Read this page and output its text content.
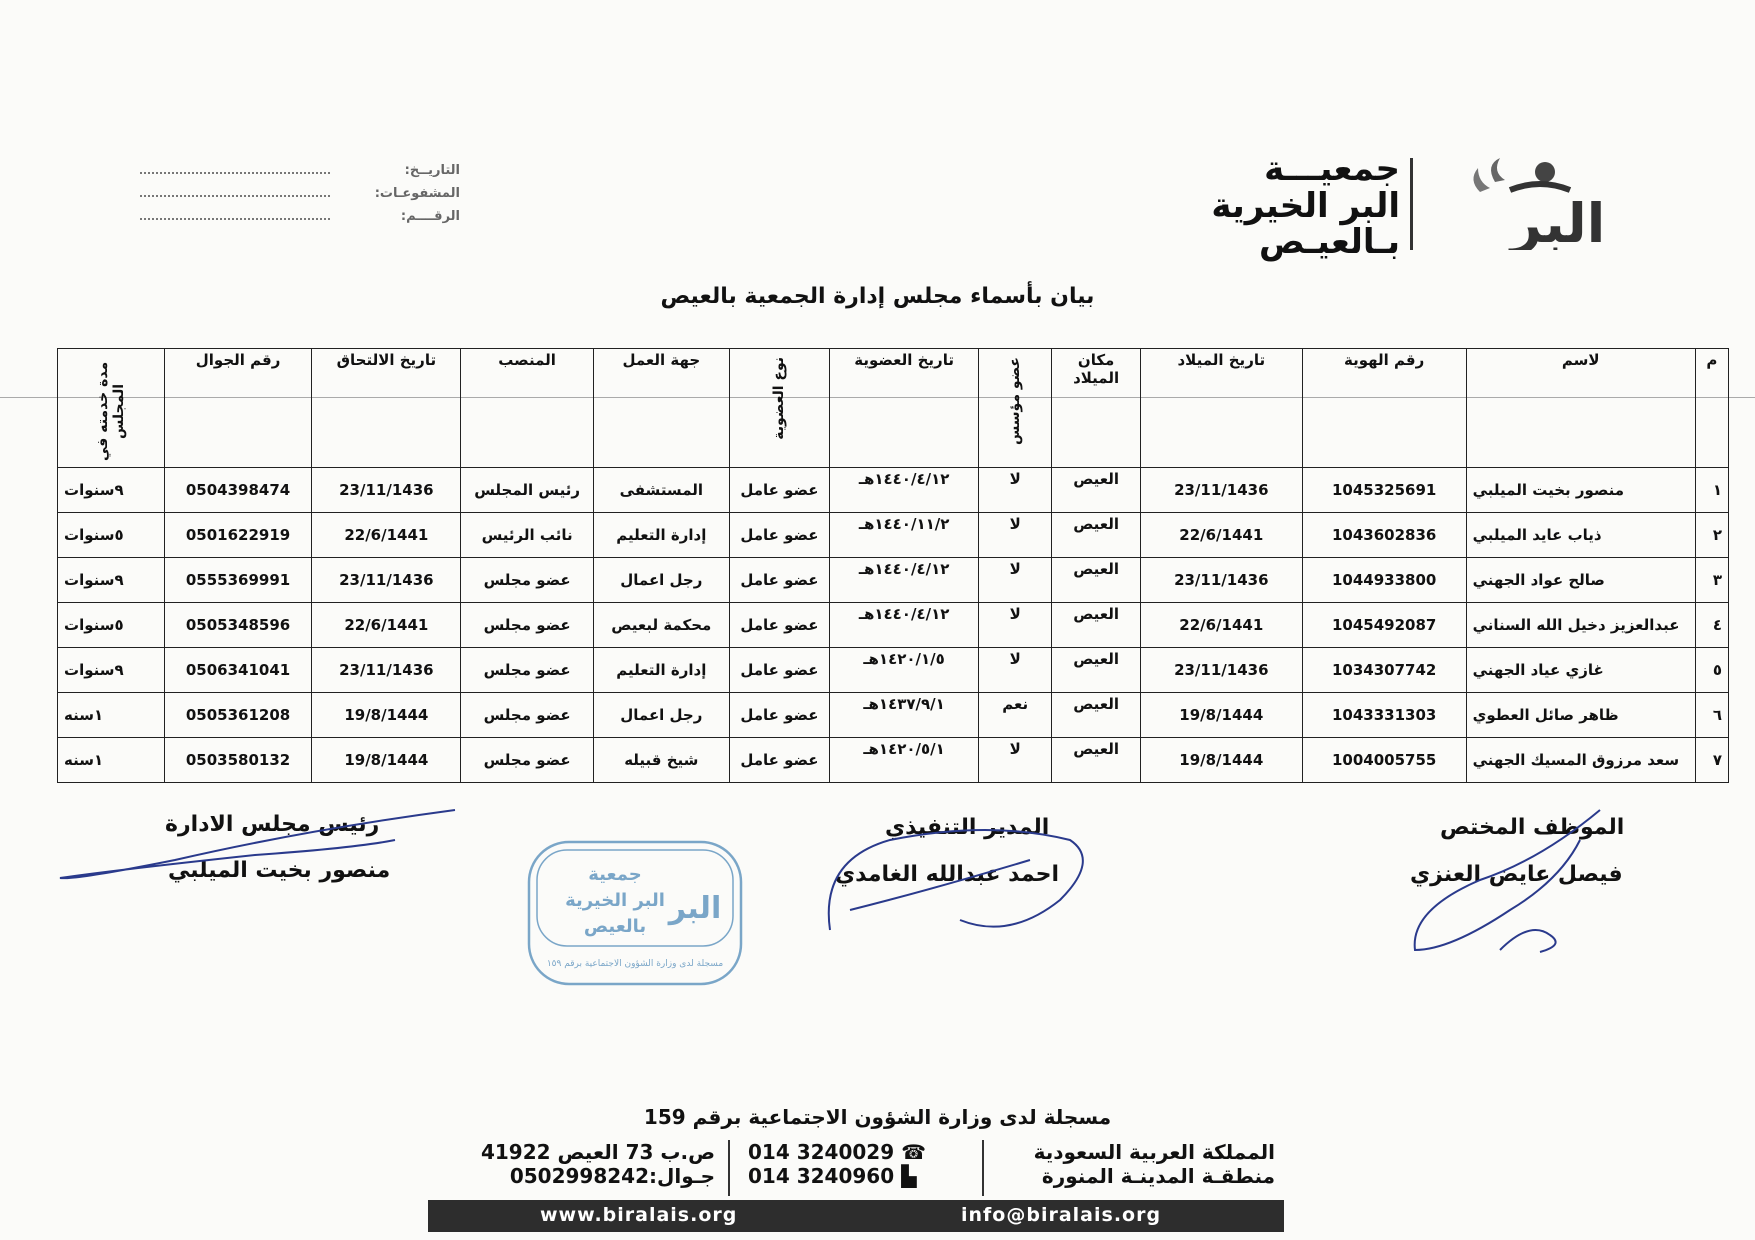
البر
جمعيـــة
البر الخيرية
بـالعيـص
التاريــخ:
المشفوعـات:
الرقــــم:
بيان بأسماء مجلس إدارة الجمعية بالعيص
م	لاسم	رقم الهوية	تاريخ الميلاد	مكان الميلاد	عضو مؤسس	تاريخ العضوية	نوع العضوية	جهة العمل	المنصب	تاريخ الالتحاق	رقم الجوال	مدة خدمته في المجلس

١	منصور بخيت الميلبي	1045325691	23/11/1436	العيص	لا	١٤٤٠/٤/١٢هـ	عضو عامل	المستشفى	رئيس المجلس	23/11/1436	0504398474	٩سنوات
٢	ذياب عايد الميلبي	1043602836	22/6/1441	العيص	لا	١٤٤٠/١١/٢هـ	عضو عامل	إدارة التعليم	نائب الرئيس	22/6/1441	0501622919	٥سنوات
٣	صالح عواد الجهني	1044933800	23/11/1436	العيص	لا	١٤٤٠/٤/١٢هـ	عضو عامل	رجل اعمال	عضو مجلس	23/11/1436	0555369991	٩سنوات
٤	عبدالعزيز دخيل الله السناني	1045492087	22/6/1441	العيص	لا	١٤٤٠/٤/١٢هـ	عضو عامل	محكمة لبعيص	عضو مجلس	22/6/1441	0505348596	٥سنوات
٥	غازي عياد الجهني	1034307742	23/11/1436	العيص	لا	١٤٢٠/١/٥هـ	عضو عامل	إدارة التعليم	عضو مجلس	23/11/1436	0506341041	٩سنوات
٦	ظاهر صائل العطوي	1043331303	19/8/1444	العيص	نعم	١٤٣٧/٩/١هـ	عضو عامل	رجل اعمال	عضو مجلس	19/8/1444	0505361208	١سنه
٧	سعد مرزوق المسيك الجهني	1004005755	19/8/1444	العيص	لا	١٤٢٠/٥/١هـ	عضو عامل	شيخ قبيله	عضو مجلس	19/8/1444	0503580132	١سنه
الموظف المختص
فيصل عايض العنزي
المدير التنفيذي
احمد عبدالله الغامدي
رئيس مجلس الادارة
منصور بخيت الميلبي	جمعية
البر الخيرية
بالعيص
البر
مسجلة لدى وزارة الشؤون الاجتماعية برقم ١٥٩
مسجلة لدى وزارة الشؤون الاجتماعية برقم 159
المملكة العربية السعودية
منطقـة المدينـة المنورة
014 3240029 ☎
014 3240960 ▙
ص.ب 73 العيص 41922
جـوال:0502998242
www.biralais.org	info@biralais.org
